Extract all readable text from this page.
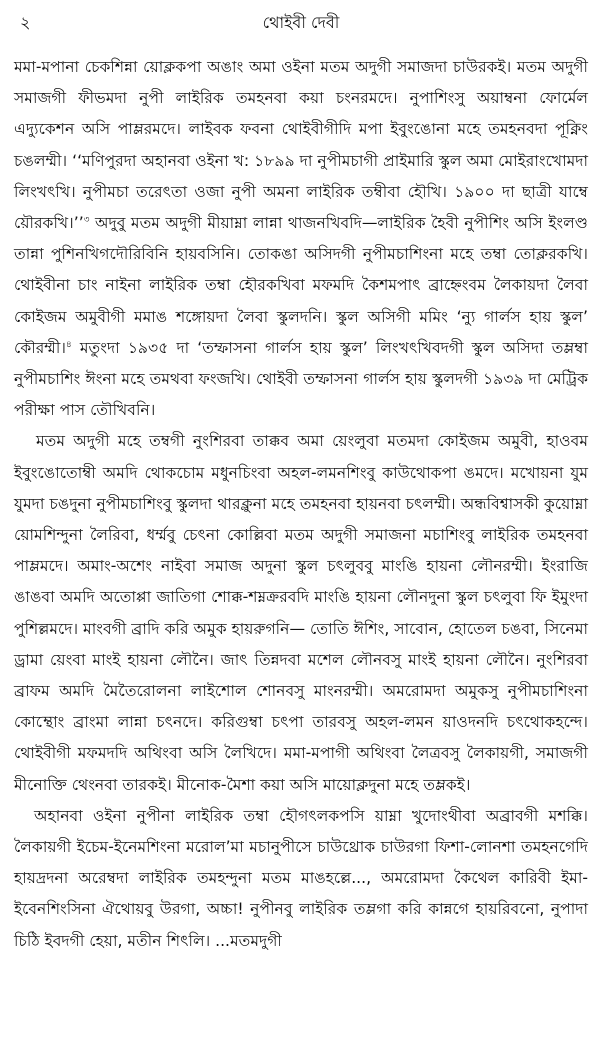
২	থোইবী দেবী

মমা-মপানা চেকশিন্না য়োক্লকপা অঙাং অমা ওইনা মতম অদুগী সমাজদা চাউরকই। মতম অদুগী সমাজগী ফীভমদা নুপী লাইরিক তমহনবা কয়া চংনরমদে। নুপাশিংসু অয়াম্বনা ফোর্মেল এদ্যুকেশন অসি পাম্লরমদে। লাইবক ফবনা থোইবীগীদি মপা ইবুংঙোনা মহে তমহনবদা পূক্নিং চঙলম্মী। ‘‘মণিপুরদা অহানবা ওইনা খ: ১৮৯৯ দা নুপীমচাগী প্রাইমারি স্কুল অমা মোইরাংখোমদা লিংখৎখি। নুপীমচা তরেৎতা ওজা নুপী অমনা লাইরিক তম্বীবা হৌখি। ১৯০০ দা ছাত্রী যাম্বে য়ৌরকখি।’’$^৩$ অদুবু মতম অদুগী মীয়াম্না লান্না থাজনখিবদি—লাইরিক হৈবী নুপীশিং অসি ইংলণ্ড তান্না পুশিনখিগদৌরিবিনি হায়বসিনি। তোকঙা অসিদগী নুপীমচাশিংনা মহে তম্বা তোক্লরকখি। থোইবীনা চাং নাইনা লাইরিক তম্বা হৌরকখিবা মফমদি কৈশমপাৎ ব্রাহ্নেংবম লৈকায়দা লৈবা কোইজম অমুবীগী মমাঙ শঙ্গোয়দা লৈবা স্কুলদনি। স্কুল অসিগী মমিং ‘ন্যু গার্লস হায় স্কুল’ কৌরম্মী।$^৪$ মতুংদা ১৯৩৫ দা ‘তম্ফাসনা গার্লস হায় স্কুল’ লিংখৎখিবদগী স্কুল অসিদা তম্লম্বা নুপীমচাশিং ঈংনা মহে তমথবা ফংজখি। থোইবী তম্ফাসনা গার্লস হায় স্কুলদগী ১৯৩৯ দা মেট্রিক পরীক্ষা পাস তৌখিবনি।

মতম অদুগী মহে তম্বগী নুংশিরবা তাক্কব অমা য়েংলুবা মতমদা কোইজম অমুবী, হাওবম ইবুংঙোতোম্বী অমদি থোকচোম মধুনচিংবা অহল-লমনশিংবু কাউথোকপা ঙমদে। মখোয়না যুম যুমদা চঙদুনা নুপীমচাশিংবু স্কুলদা থারক্লুনা মহে তমহনবা হায়নবা চৎলম্মী। অন্ধবিশ্বাসকী কুয়োম্না য়োমশিন্দুনা লৈরিবা, ধর্ম্মবু চেৎনা কোল্লিবা মতম অদুগী সমাজনা মচাশিংবু লাইরিক তমহনবা পাম্লমদে। অমাং-অশেং নাইবা সমাজ অদুনা স্কুল চৎলুববু মাংঙি হায়না লৌনরম্মী। ইংরাজি ঙাঙবা অমদি অতোপ্পা জাতিগা শোক্ক-শম্নক্ররবদি মাংঙি হায়না লৌনদুনা স্কুল চৎলুবা ফি ইমুংদা পুশিল্লমদে। মাংবগী ব্রাদি করি অমুক হায়রুগনি— তোতি ঈশিং, সাবোন, হোতেল চঙবা, সিনেমা ড্রামা য়েংবা মাংই হায়না লৌনৈ। জাৎ তিন্নদবা মশেল লৌনবসু মাংই হায়না লৌনৈ। নুংশিরবা ব্রাফম অমদি মৈতৈরোলনা লাইশোল শোনবসু মাংনরম্মী। অমরোমদা অমুকসু নুপীমচাশিংনা কোম্থোং ব্রাংমা লান্না চৎনদে। করিগুম্বা চৎপা তারবসু অহল-লমন য়াওদনদি চৎথোকহন্দে। থোইবীগী মফমদদি অথিংবা অসি লৈখিদে। মমা-মপাগী অথিংবা লৈত্রবসু লৈকায়গী, সমাজগী মীনোক্তি থেংনবা তারকই। মীনোক-মৈশা কয়া অসি মায়োক্লদুনা মহে তম্লকই।

অহানবা ওইনা নুপীনা লাইরিক তম্বা হৌগৎলকপসি য়াম্না খুদোংথীবা অব্রাবগী মশক্কি। লৈকায়গী ইচেম-ইনেমশিংনা মরোল’মা মচানুপীসে চাউথ্রোক চাউরগা ফিশা-লোনশা তমহনগেদি হায়দ্রদনা অরেম্বদা লাইরিক তমহন্দুনা মতম মাঙহল্লে..., অমরোমদা কৈথেল কারিবী ইমা-ইবেনশিংসিনা ঐথোয়বু উরগা, অচ্চা! নুপীনবু লাইরিক তম্লগা করি কান্নগে হায়রিবনো, নুপাদা চিঠি ইবদগী হেয়া, মতীন শিৎলি। ...মতমদুগী
